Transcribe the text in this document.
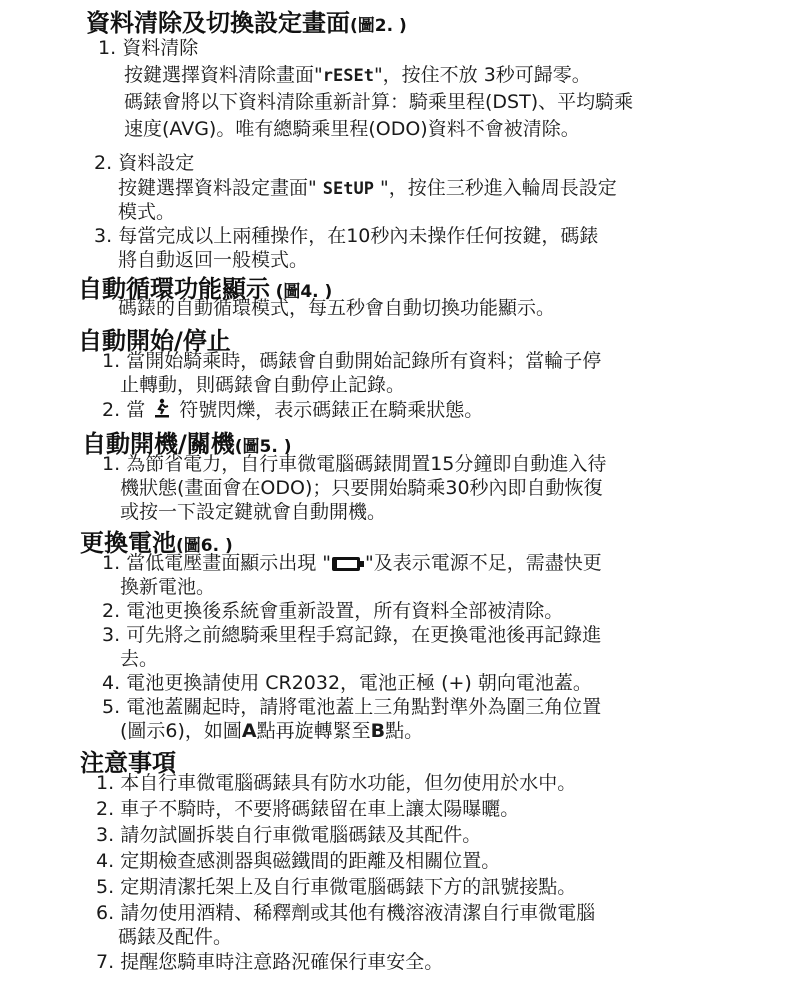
資料清除及切換設定畫面(圖2. )
1. 資料清除
按鍵選擇資料清除畫面"rESEt"，按住不放 3秒可歸零。
碼錶會將以下資料清除重新計算：騎乘里程(DST)、平均騎乘
速度(AVG)。唯有總騎乘里程(ODO)資料不會被清除。
2. 資料設定
按鍵選擇資料設定畫面" SEtUP "，按住三秒進入輪周長設定
模式。
3. 每當完成以上兩種操作，在10秒內未操作任何按鍵，碼錶
將自動返回一般模式。
自動循環功能顯示 (圖4. )
碼錶的自動循環模式，每五秒會自動切換功能顯示。
自動開始/停止
1. 當開始騎乘時，碼錶會自動開始記錄所有資料；當輪子停
止轉動，則碼錶會自動停止記錄。
2. 當 符號閃爍，表示碼錶正在騎乘狀態。
自動開機/關機(圖5. )
1. 為節省電力，自行車微電腦碼錶閒置15分鐘即自動進入待
機狀態(畫面會在ODO)；只要開始騎乘30秒內即自動恢復
或按一下設定鍵就會自動開機。
更換電池(圖6. )
1. 當低電壓畫面顯示出現 " "及表示電源不足，需盡快更
換新電池。
2. 電池更換後系統會重新設置，所有資料全部被清除。
3. 可先將之前總騎乘里程手寫記錄，在更換電池後再記錄進
去。
4. 電池更換請使用 CR2032，電池正極 (+) 朝向電池蓋。
5. 電池蓋關起時，請將電池蓋上三角點對準外為圍三角位置
(圖示6)，如圖A點再旋轉緊至B點。
注意事項
1. 本自行車微電腦碼錶具有防水功能，但勿使用於水中。
2. 車子不騎時，不要將碼錶留在車上讓太陽曝曬。
3. 請勿試圖拆裝自行車微電腦碼錶及其配件。
4. 定期檢查感測器與磁鐵間的距離及相關位置。
5. 定期清潔托架上及自行車微電腦碼錶下方的訊號接點。
6. 請勿使用酒精、稀釋劑或其他有機溶液清潔自行車微電腦
碼錶及配件。
7. 提醒您騎車時注意路況確保行車安全。
